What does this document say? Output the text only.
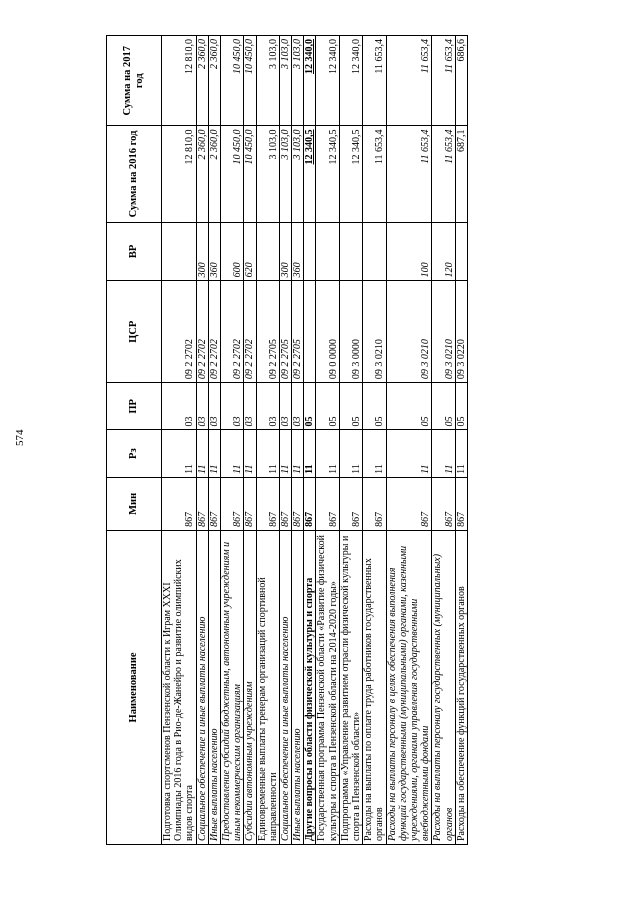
574
Наименование	Мин	Рз	ПР	ЦСР	ВР	Сумма на 2016 год	Сумма на 2017 год
Подготовка спортсменов Пензенской области к Играм XXXI Олимпиады 2016 года в Рио-де-Жанейро и развитие олимпийских видов спорта	867	11	03	09 2 2702		12 810,0	12 810,0
Социальное обеспечение и иные выплаты населению	867	11	03	09 2 2702	300	2 360,0	2 360,0
Иные выплаты населению	867	11	03	09 2 2702	360	2 360,0	2 360,0
Предоставление субсидий бюджетным, автономным учреждениям и иным некоммерческим организациям	867	11	03	09 2 2702	600	10 450,0	10 450,0
Субсидии автономным учреждениям	867	11	03	09 2 2702	620	10 450,0	10 450,0
Единовременные выплаты тренерам организаций спортивной направленности	867	11	03	09 2 2705		3 103,0	3 103,0
Социальное обеспечение и иные выплаты населению	867	11	03	09 2 2705	300	3 103,0	3 103,0
Иные выплаты населению	867	11	03	09 2 2705	360	3 103,0	3 103,0
Другие вопросы в области физической культуры и спорта	867	11	05			12 340,5	12 340,0
Государственная программа Пензенской области «Развитие физической культуры и спорта в Пензенской области на 2014-2020 годы»	867	11	05	09 0 0000		12 340,5	12 340,0
Подпрограмма «Управление развитием отрасли физической культуры и спорта в Пензенской области»	867	11	05	09 3 0000		12 340,5	12 340,0
Расходы на выплаты по оплате труда работников государственных органов	867	11	05	09 3 0210		11 653,4	11 653,4
Расходы на выплаты персоналу в целях обеспечения выполнения функций государственными (муниципальными) органами, казенными учреждениями, органами управления государственными внебюджетными фондами	867	11	05	09 3 0210	100	11 653,4	11 653,4
Расходы на выплаты персоналу государственных (муниципальных) органов	867	11	05	09 3 0210	120	11 653,4	11 653,4
Расходы на обеспечение функций государственных органов	867	11	05	09 3 0220		687,1	686,6
